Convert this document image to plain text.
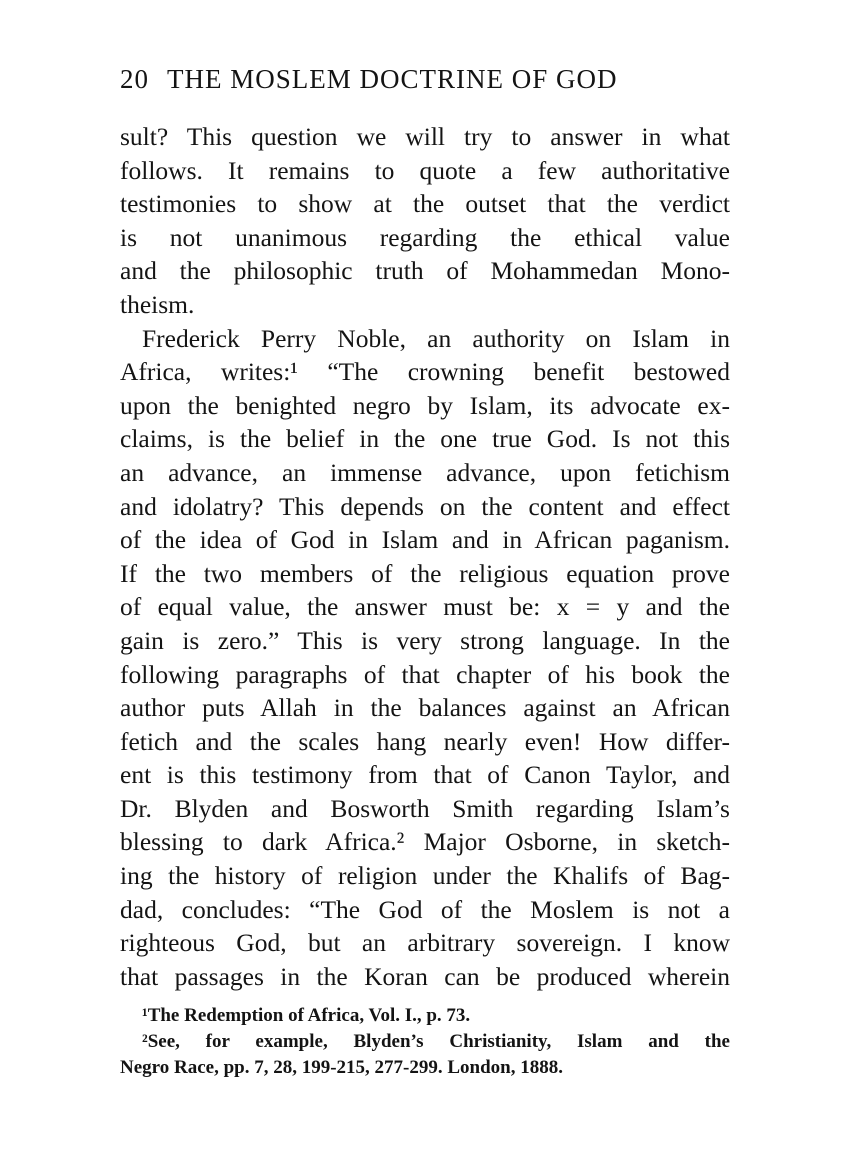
20 THE MOSLEM DOCTRINE OF GOD
sult? This question we will try to answer in what
follows. It remains to quote a few authoritative
testimonies to show at the outset that the verdict
is not unanimous regarding the ethical value
and the philosophic truth of Mohammedan Mono-
theism.
Frederick Perry Noble, an authority on Islam in
Africa, writes:¹ “The crowning benefit bestowed
upon the benighted negro by Islam, its advocate ex-
claims, is the belief in the one true God. Is not this
an advance, an immense advance, upon fetichism
and idolatry? This depends on the content and effect
of the idea of God in Islam and in African paganism.
If the two members of the religious equation prove
of equal value, the answer must be: x = y and the
gain is zero.” This is very strong language. In the
following paragraphs of that chapter of his book the
author puts Allah in the balances against an African
fetich and the scales hang nearly even! How differ-
ent is this testimony from that of Canon Taylor, and
Dr. Blyden and Bosworth Smith regarding Islam’s
blessing to dark Africa.² Major Osborne, in sketch-
ing the history of religion under the Khalifs of Bag-
dad, concludes: “The God of the Moslem is not a
righteous God, but an arbitrary sovereign. I know
that passages in the Koran can be produced wherein
¹The Redemption of Africa, Vol. I., p. 73.
²See, for example, Blyden’s Christianity, Islam and the
Negro Race, pp. 7, 28, 199-215, 277-299. London, 1888.
